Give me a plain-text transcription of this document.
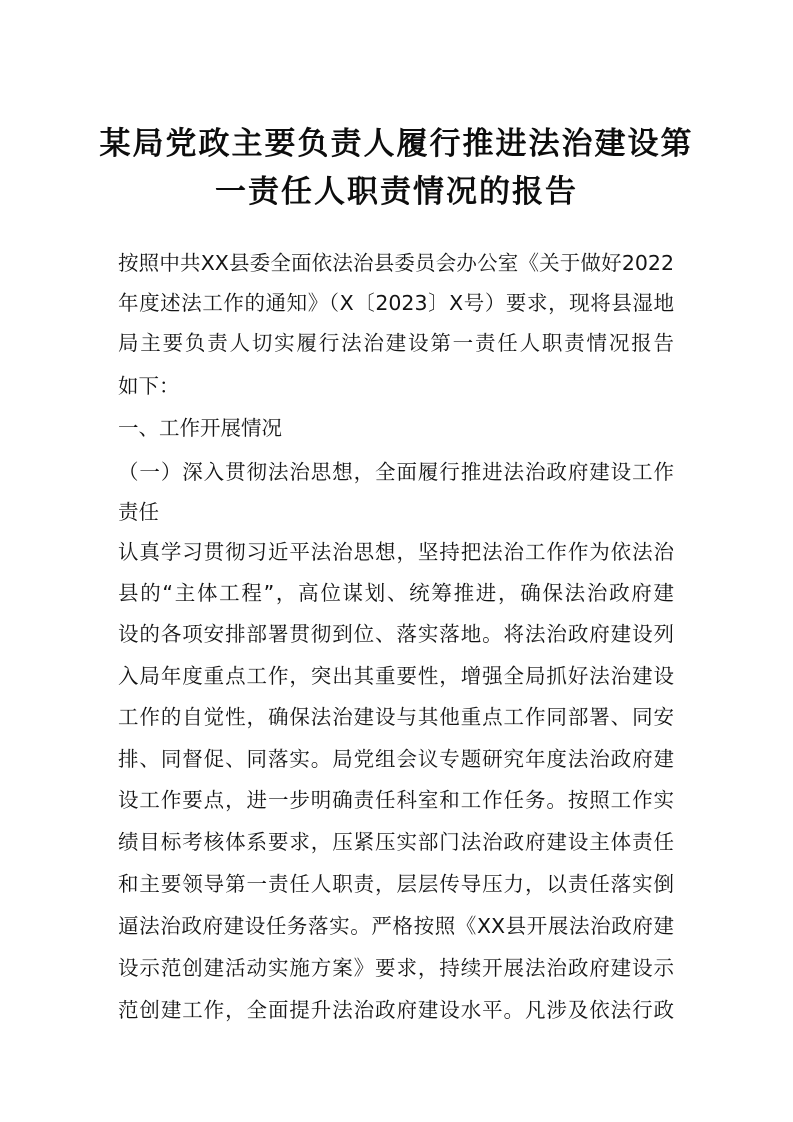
某局党政主要负责人履行推进法治建设第
一责任人职责情况的报告
按照中共XX县委全面依法治县委员会办公室《关于做好2022
年度述法工作的通知》（X〔2023〕X号）要求，现将县湿地
局主要负责人切实履行法治建设第一责任人职责情况报告
如下：
一、工作开展情况
（一）深入贯彻法治思想，全面履行推进法治政府建设工作
责任
认真学习贯彻习近平法治思想，坚持把法治工作作为依法治
县的“主体工程”，高位谋划、统筹推进，确保法治政府建
设的各项安排部署贯彻到位、落实落地。将法治政府建设列
入局年度重点工作，突出其重要性，增强全局抓好法治建设
工作的自觉性，确保法治建设与其他重点工作同部署、同安
排、同督促、同落实。局党组会议专题研究年度法治政府建
设工作要点，进一步明确责任科室和工作任务。按照工作实
绩目标考核体系要求，压紧压实部门法治政府建设主体责任
和主要领导第一责任人职责，层层传导压力，以责任落实倒
逼法治政府建设任务落实。严格按照《XX县开展法治政府建
设示范创建活动实施方案》要求，持续开展法治政府建设示
范创建工作，全面提升法治政府建设水平。凡涉及依法行政
